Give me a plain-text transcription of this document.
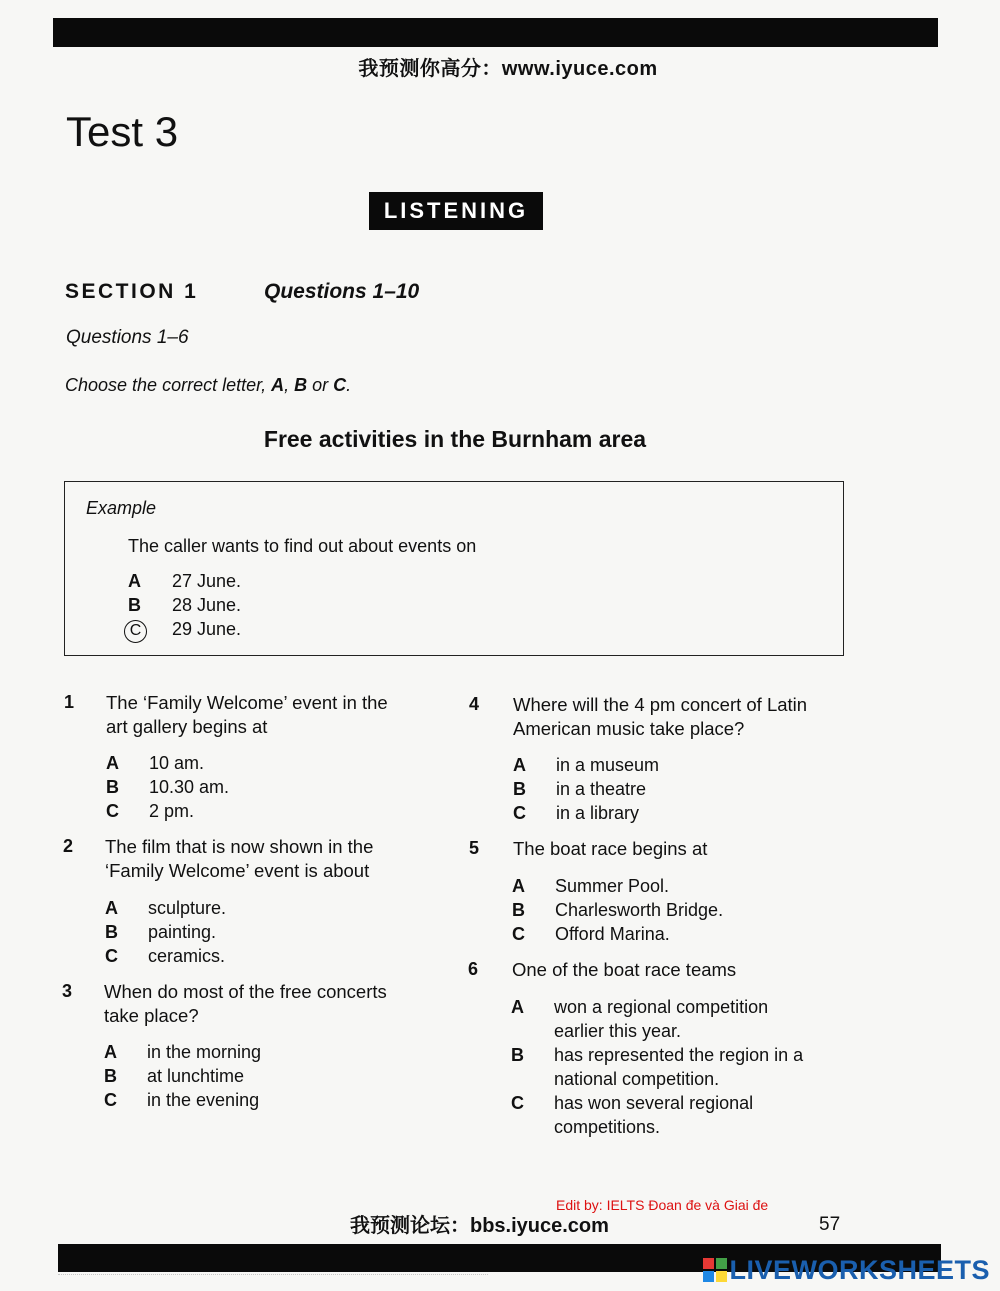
我预测你高分：www.iyuce.com
Test 3
LISTENING
SECTION 1	Questions 1–10
Questions 1–6
Choose the correct letter, A, B or C.
Free activities in the Burnham area
Example
The caller wants to find out about events on
A 27 June.
B 28 June.
C	29 June.
1 The ‘Family Welcome’ event in the
art gallery begins at
A 10 am.
B 10.30 am.
C 2 pm.
2 The film that is now shown in the
‘Family Welcome’ event is about
A sculpture.
B painting.
C ceramics.
3 When do most of the free concerts
take place?
A in the morning
B at lunchtime
C in the evening
4 Where will the 4 pm concert of Latin
American music take place?
A in a museum
B in a theatre
C in a library
5 The boat race begins at
A Summer Pool.
B Charlesworth Bridge.
C Offord Marina.
6 One of the boat race teams
A won a regional competition
earlier this year.
B has represented the region in a
national competition.
C has won several regional
competitions.
Edit by: IELTS Đoan đe và Giai đe
我预测论坛：bbs.iyuce.com	57
LIVEWORKSHEETS
